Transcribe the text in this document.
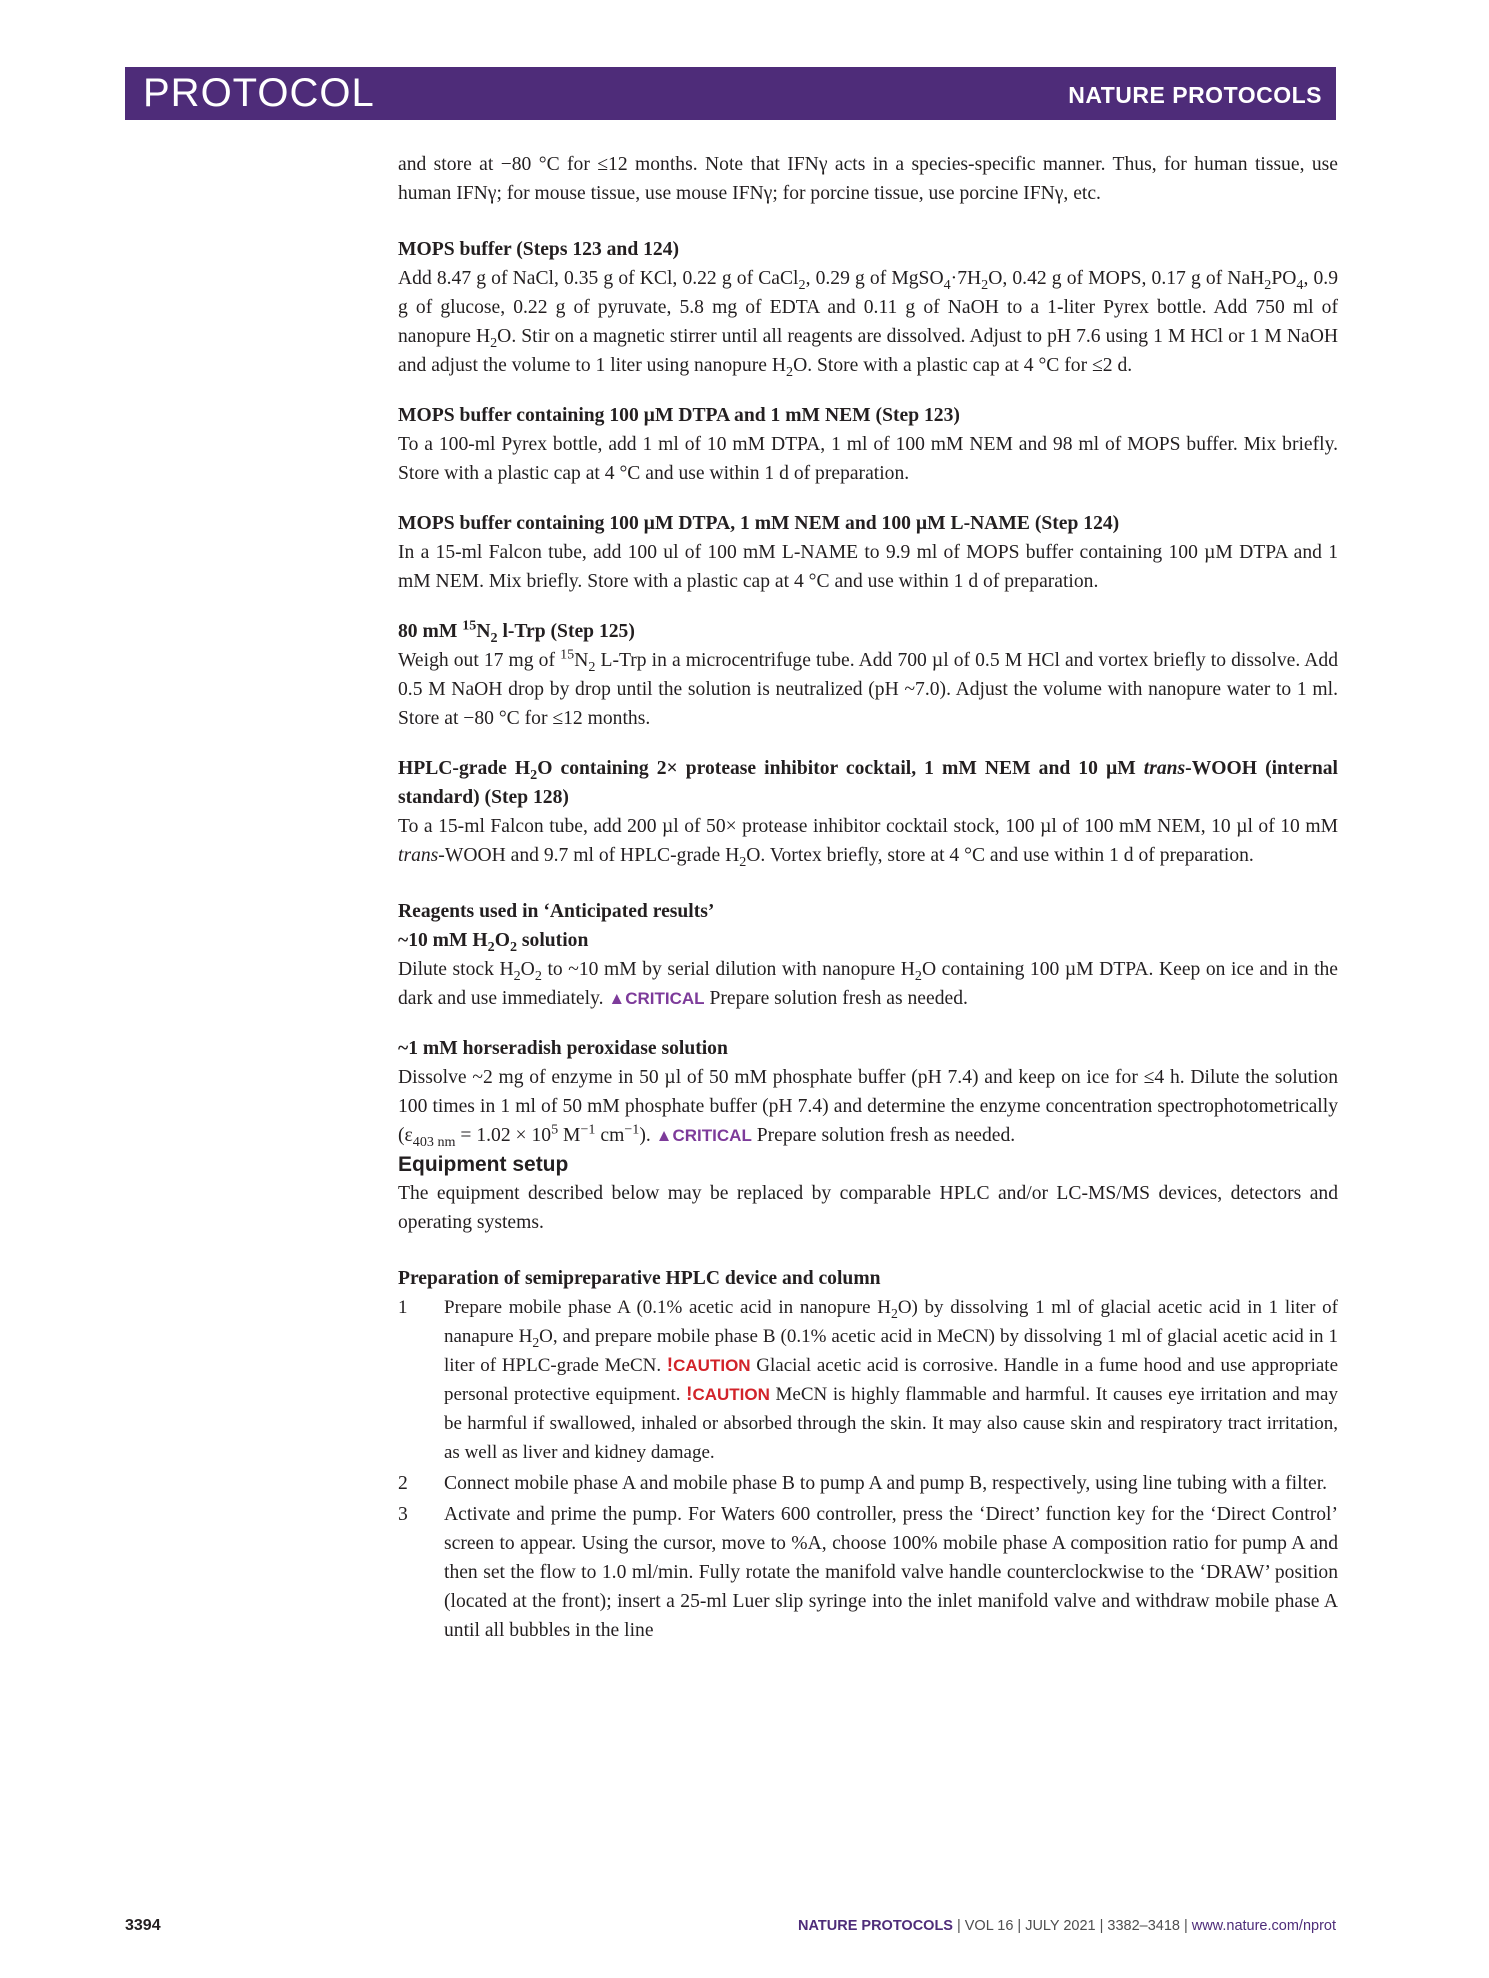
PROTOCOL	NATURE PROTOCOLS

and store at −80 °C for ≤12 months. Note that IFNγ acts in a species-specific manner. Thus, for human tissue, use human IFNγ; for mouse tissue, use mouse IFNγ; for porcine tissue, use porcine IFNγ, etc.

MOPS buffer (Steps 123 and 124)

Add 8.47 g of NaCl, 0.35 g of KCl, 0.22 g of CaCl$_2$, 0.29 g of $MgSO_4\cdot 7H_2O$, 0.42 g of MOPS, 0.17 g of $NaH_2PO_4$, 0.9 g of glucose, 0.22 g of pyruvate, 5.8 mg of EDTA and 0.11 g of NaOH to a 1-liter Pyrex bottle. Add 750 ml of nanopure $H_2O$. Stir on a magnetic stirrer until all reagents are dissolved. Adjust to pH 7.6 using 1 M HCl or 1 M NaOH and adjust the volume to 1 liter using nanopure $H_2O$. Store with a plastic cap at 4 °C for ≤2 d.

MOPS buffer containing 100 µM DTPA and 1 mM NEM (Step 123)

To a 100-ml Pyrex bottle, add 1 ml of 10 mM DTPA, 1 ml of 100 mM NEM and 98 ml of MOPS buffer. Mix briefly. Store with a plastic cap at 4 °C and use within 1 d of preparation.

MOPS buffer containing 100 µM DTPA, 1 mM NEM and 100 µM L-NAME (Step 124)

In a 15-ml Falcon tube, add 100 ul of 100 mM L-NAME to 9.9 ml of MOPS buffer containing 100 µM DTPA and 1 mM NEM. Mix briefly. Store with a plastic cap at 4 °C and use within 1 d of preparation.

80 mM $^{15}N_2$ l-Trp (Step 125)

Weigh out 17 mg of $^{15}N_2$ L-Trp in a microcentrifuge tube. Add 700 µl of 0.5 M HCl and vortex briefly to dissolve. Add 0.5 M NaOH drop by drop until the solution is neutralized (pH ~7.0). Adjust the volume with nanopure water to 1 ml. Store at −80 °C for ≤12 months.

HPLC-grade $H_2O$ containing 2× protease inhibitor cocktail, 1 mM NEM and 10 µM trans-WOOH (internal standard) (Step 128)

To a 15-ml Falcon tube, add 200 µl of 50× protease inhibitor cocktail stock, 100 µl of 100 mM NEM, 10 µl of 10 mM trans-WOOH and 9.7 ml of HPLC-grade $H_2O$. Vortex briefly, store at 4 °C and use within 1 d of preparation.

Reagents used in ‘Anticipated results’

~10 mM $H_2O_2$ solution

Dilute stock $H_2O_2$ to ~10 mM by serial dilution with nanopure $H_2O$ containing 100 µM DTPA. Keep on ice and in the dark and use immediately. ▲CRITICAL Prepare solution fresh as needed.

~1 mM horseradish peroxidase solution

Dissolve ~2 mg of enzyme in 50 µl of 50 mM phosphate buffer (pH 7.4) and keep on ice for ≤4 h. Dilute the solution 100 times in 1 ml of 50 mM phosphate buffer (pH 7.4) and determine the enzyme concentration spectrophotometrically ($\varepsilon_{403 nm} = 1.02 \times 10^5$ $M^{-1}$ $cm^{-1}$). ▲CRITICAL Prepare solution fresh as needed.

Equipment setup

The equipment described below may be replaced by comparable HPLC and/or LC-MS/MS devices, detectors and operating systems.

Preparation of semipreparative HPLC device and column

1	Prepare mobile phase A (0.1% acetic acid in nanopure $H_2O$) by dissolving 1 ml of glacial acetic acid in 1 liter of nanapure $H_2O$, and prepare mobile phase B (0.1% acetic acid in MeCN) by dissolving 1 ml of glacial acetic acid in 1 liter of HPLC-grade MeCN. !CAUTION Glacial acetic acid is corrosive. Handle in a fume hood and use appropriate personal protective equipment. !CAUTION MeCN is highly flammable and harmful. It causes eye irritation and may be harmful if swallowed, inhaled or absorbed through the skin. It may also cause skin and respiratory tract irritation, as well as liver and kidney damage.
2	Connect mobile phase A and mobile phase B to pump A and pump B, respectively, using line tubing with a filter.
3	Activate and prime the pump. For Waters 600 controller, press the ‘Direct’ function key for the ‘Direct Control’ screen to appear. Using the cursor, move to %A, choose 100% mobile phase A composition ratio for pump A and then set the flow to 1.0 ml/min. Fully rotate the manifold valve handle counterclockwise to the ‘DRAW’ position (located at the front); insert a 25-ml Luer slip syringe into the inlet manifold valve and withdraw mobile phase A until all bubbles in the line
3394	NATURE PROTOCOLS | VOL 16 | JULY 2021 | 3382–3418 | www.nature.com/nprot
